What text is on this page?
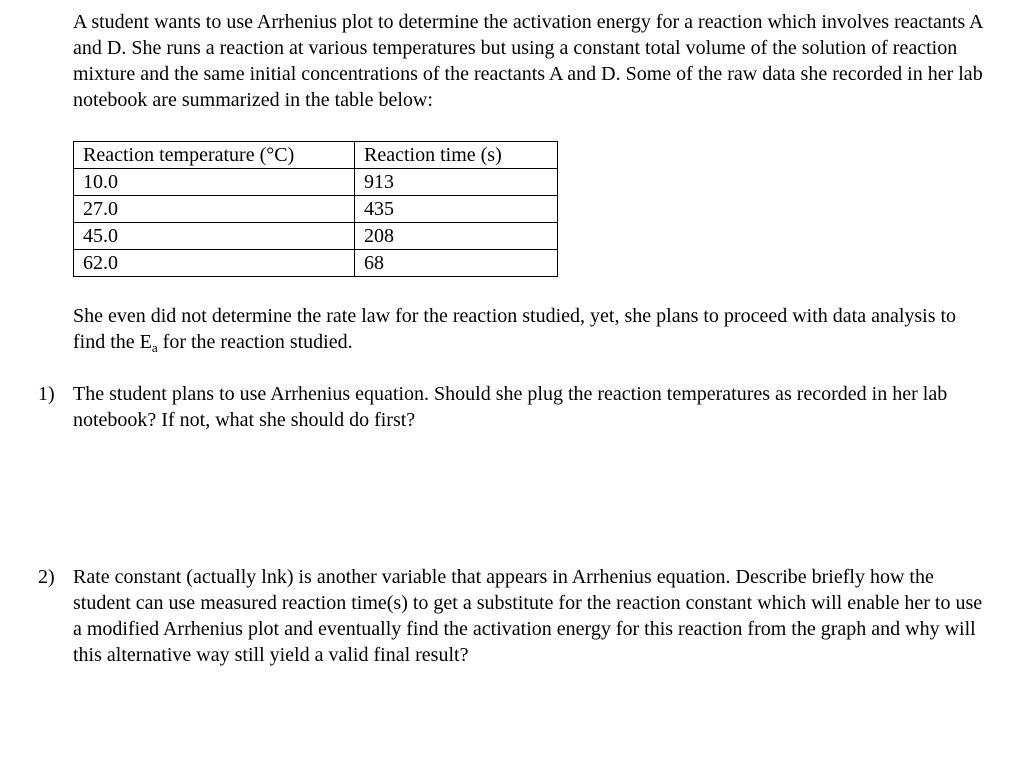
A student wants to use Arrhenius plot to determine the activation energy for a reaction which involves reactants A and D. She runs a reaction at various temperatures but using a constant total volume of the solution of reaction mixture and the same initial concentrations of the reactants A and D. Some of the raw data she recorded in her lab notebook are summarized in the table below:

Reaction temperature (°C)	Reaction time (s)
10.0	913
27.0	435
45.0	208
62.0	68

She even did not determine the rate law for the reaction studied, yet, she plans to proceed with data analysis to find the $E_a$ for the reaction studied.

1) The student plans to use Arrhenius equation. Should she plug the reaction temperatures as recorded in her lab notebook? If not, what she should do first?
2) Rate constant (actually lnk) is another variable that appears in Arrhenius equation. Describe briefly how the student can use measured reaction time(s) to get a substitute for the reaction constant which will enable her to use a modified Arrhenius plot and eventually find the activation energy for this reaction from the graph and why will this alternative way still yield a valid final result?
